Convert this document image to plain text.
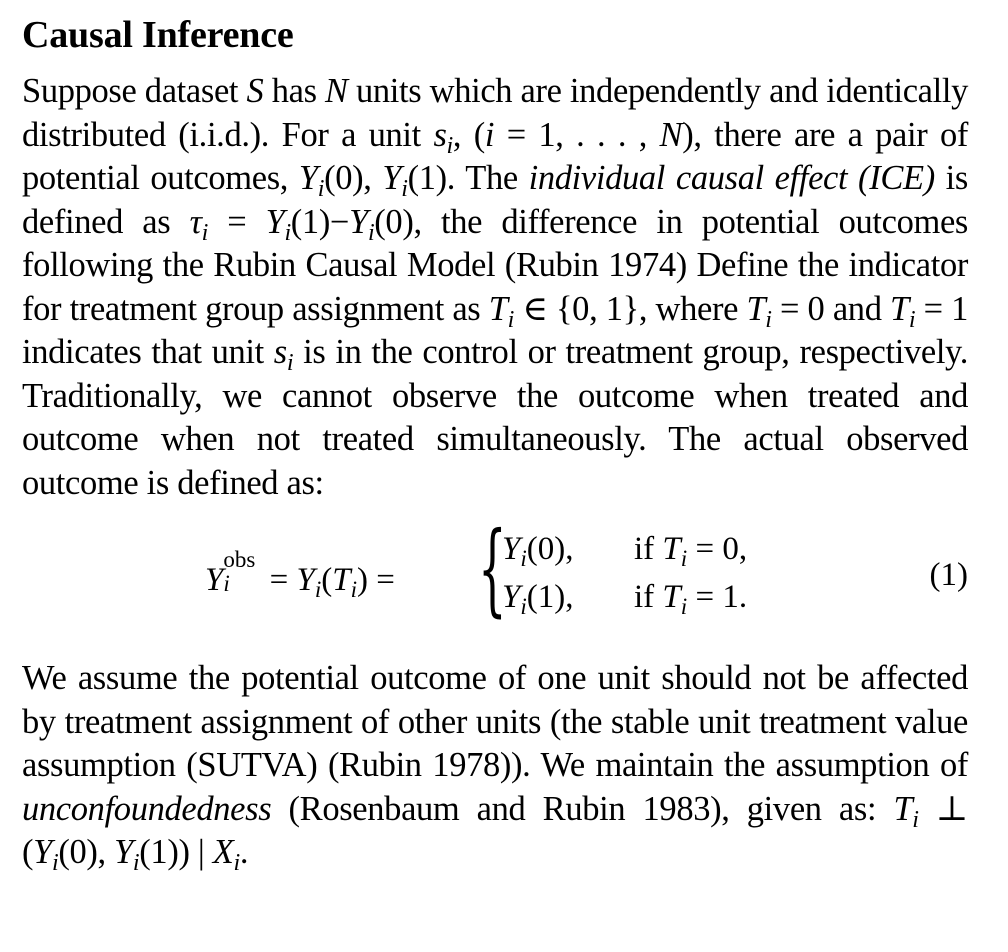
Causal Inference

Suppose dataset S has N units which are independently and identically distributed (i.i.d.). For a unit $s_i$, (i = 1, . . . , N), there are a pair of potential outcomes, $Y_i(0)$, $Y_i(1)$. The individual causal effect (ICE) is defined as $\tau_i = Y_i(1)-Y_i(0)$, the difference in potential outcomes following the Rubin Causal Model (Rubin 1974) Define the indicator for treatment group assignment as $T_i$ ∈ {0, 1}, where $T_i = 0$ and $T_i = 1$ indicates that unit $s_i$ is in the control or treatment group, respectively. Traditionally, we cannot observe the outcome when treated and outcome when not treated simultaneously. The actual observed outcome is defined as:

Y i
obs
= $Y_i(T_i)$ = {
$Y_i(0)$,
$Y_i(1)$,
if $T_i = 0$,
if $T_i = 1$.
(1)

We assume the potential outcome of one unit should not be affected by treatment assignment of other units (the stable unit treatment value assumption (SUTVA) (Rubin 1978)). We maintain the assumption of unconfoundedness (Rosenbaum and Rubin 1983), given as: $T_i$ ⊥ ($Y_i(0)$, $Y_i(1)$) | $X_i$.
